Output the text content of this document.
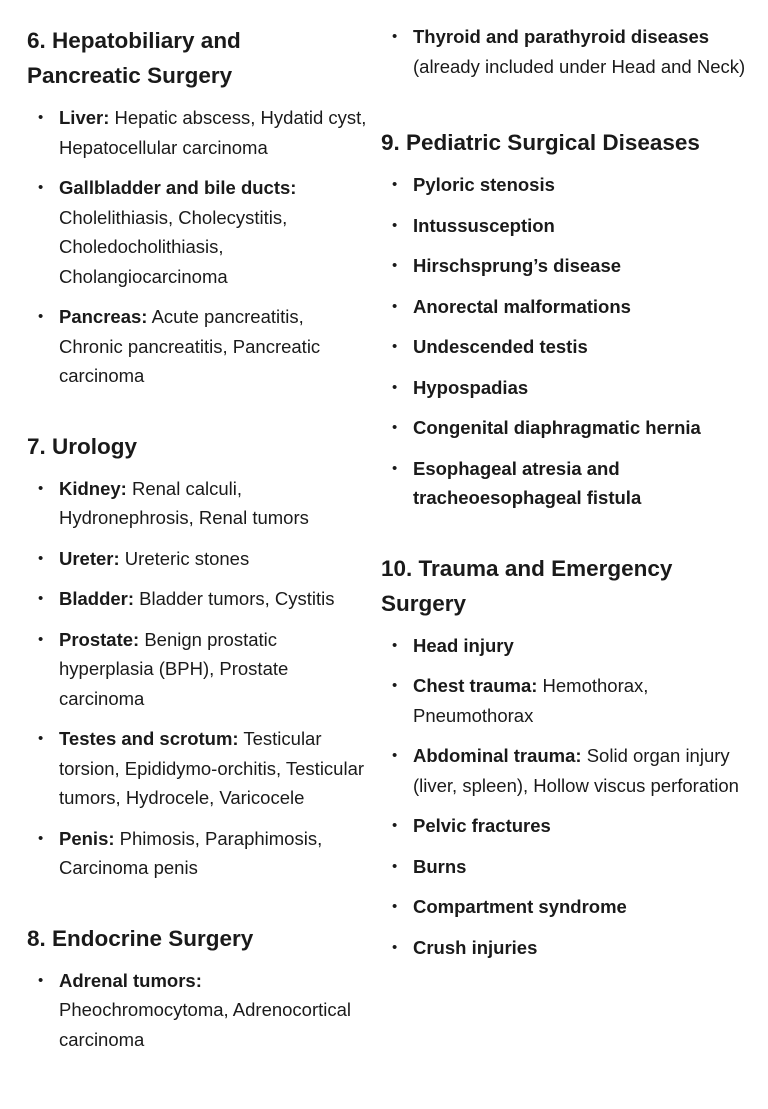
6. Hepatobiliary and
Pancreatic Surgery
• Liver: Hepatic abscess, Hydatid cyst, Hepatocellular carcinoma
• Gallbladder and bile ducts: Cholelithiasis, Cholecystitis, Choledocholithiasis, Cholangiocarcinoma
• Pancreas: Acute pancreatitis, Chronic pancreatitis, Pancreatic carcinoma
7. Urology
• Kidney: Renal calculi, Hydronephrosis, Renal tumors
• Ureter: Ureteric stones
• Bladder: Bladder tumors, Cystitis
• Prostate: Benign prostatic hyperplasia (BPH), Prostate carcinoma
• Testes and scrotum: Testicular torsion, Epididymo-orchitis, Testicular tumors, Hydrocele, Varicocele
• Penis: Phimosis, Paraphimosis, Carcinoma penis
8. Endocrine Surgery
• Adrenal tumors: Pheochromocytoma, Adrenocortical carcinoma
• Thyroid and parathyroid diseases (already included under Head and Neck)
9. Pediatric Surgical Diseases
• Pyloric stenosis
• Intussusception
• Hirschsprung’s disease
• Anorectal malformations
• Undescended testis
• Hypospadias
• Congenital diaphragmatic hernia
• Esophageal atresia and tracheoesophageal fistula
10. Trauma and Emergency
Surgery
• Head injury
• Chest trauma: Hemothorax, Pneumothorax
• Abdominal trauma: Solid organ injury (liver, spleen), Hollow viscus perforation
• Pelvic fractures
• Burns
• Compartment syndrome
• Crush injuries
